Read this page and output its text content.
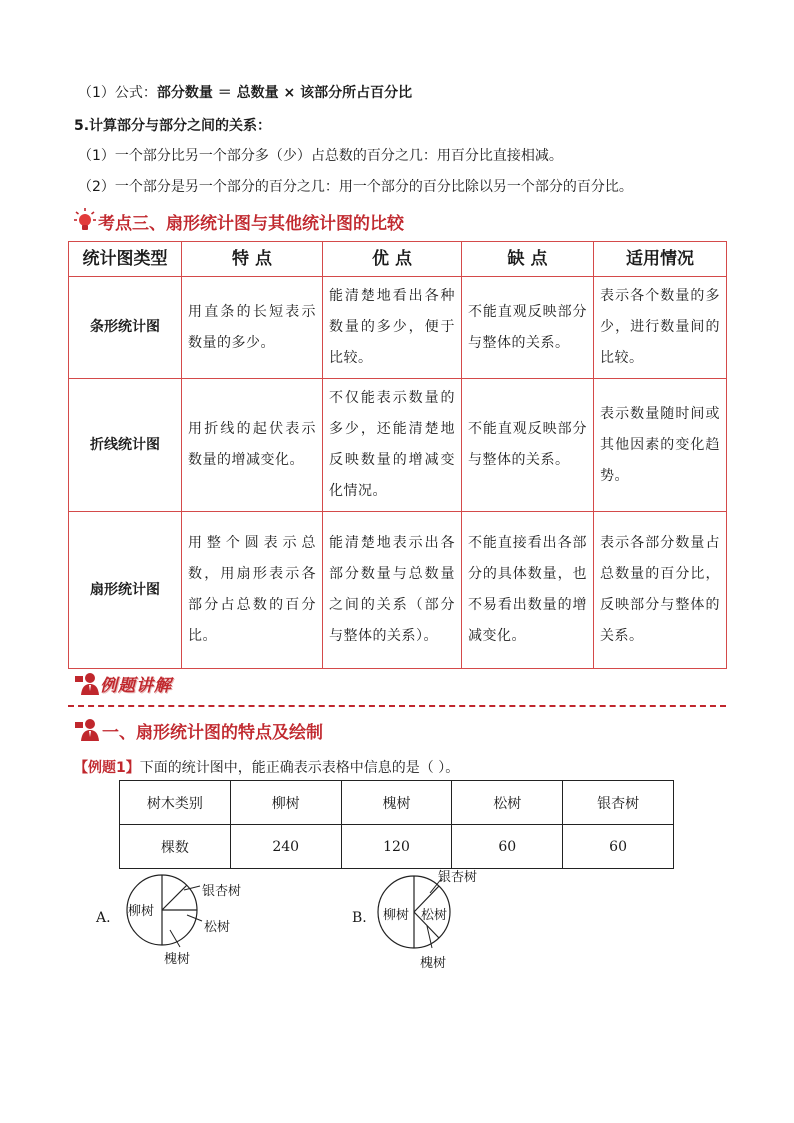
（1）公式：部分数量 ＝ 总数量 × 该部分所占百分比
5.计算部分与部分之间的关系：
（1）一个部分比另一个部分多（少）占总数的百分之几：用百分比直接相减。
（2）一个部分是另一个部分的百分之几：用一个部分的百分比除以另一个部分的百分比。
考点三、扇形统计图与其他统计图的比较
统计图类型	特 点	优 点	缺 点	适用情况
条形统计图	用直条的长短表示数量的多少。	能清楚地看出各种数量的多少，便于比较。	不能直观反映部分与整体的关系。	表示各个数量的多少，进行数量间的比较。
折线统计图	用折线的起伏表示数量的增减变化。	不仅能表示数量的多少，还能清楚地反映数量的增减变化情况。	不能直观反映部分与整体的关系。	表示数量随时间或其他因素的变化趋势。
扇形统计图	用整个圆表示总数，用扇形表示各部分占总数的百分比。	能清楚地表示出各部分数量与总数量之间的关系（部分与整体的关系）。	不能直接看出各部分的具体数量，也不易看出数量的增减变化。	表示各部分数量占总数量的百分比，反映部分与整体的关系。
例题讲解
一、扇形统计图的特点及绘制
【例题1】下面的统计图中，能正确表示表格中信息的是（ ）。
树木类别	柳树	槐树	松树	银杏树
棵数	240	120	60	60
A. 柳树
银杏树
松树
槐树
B. 柳树 松树
银杏树
槐树
